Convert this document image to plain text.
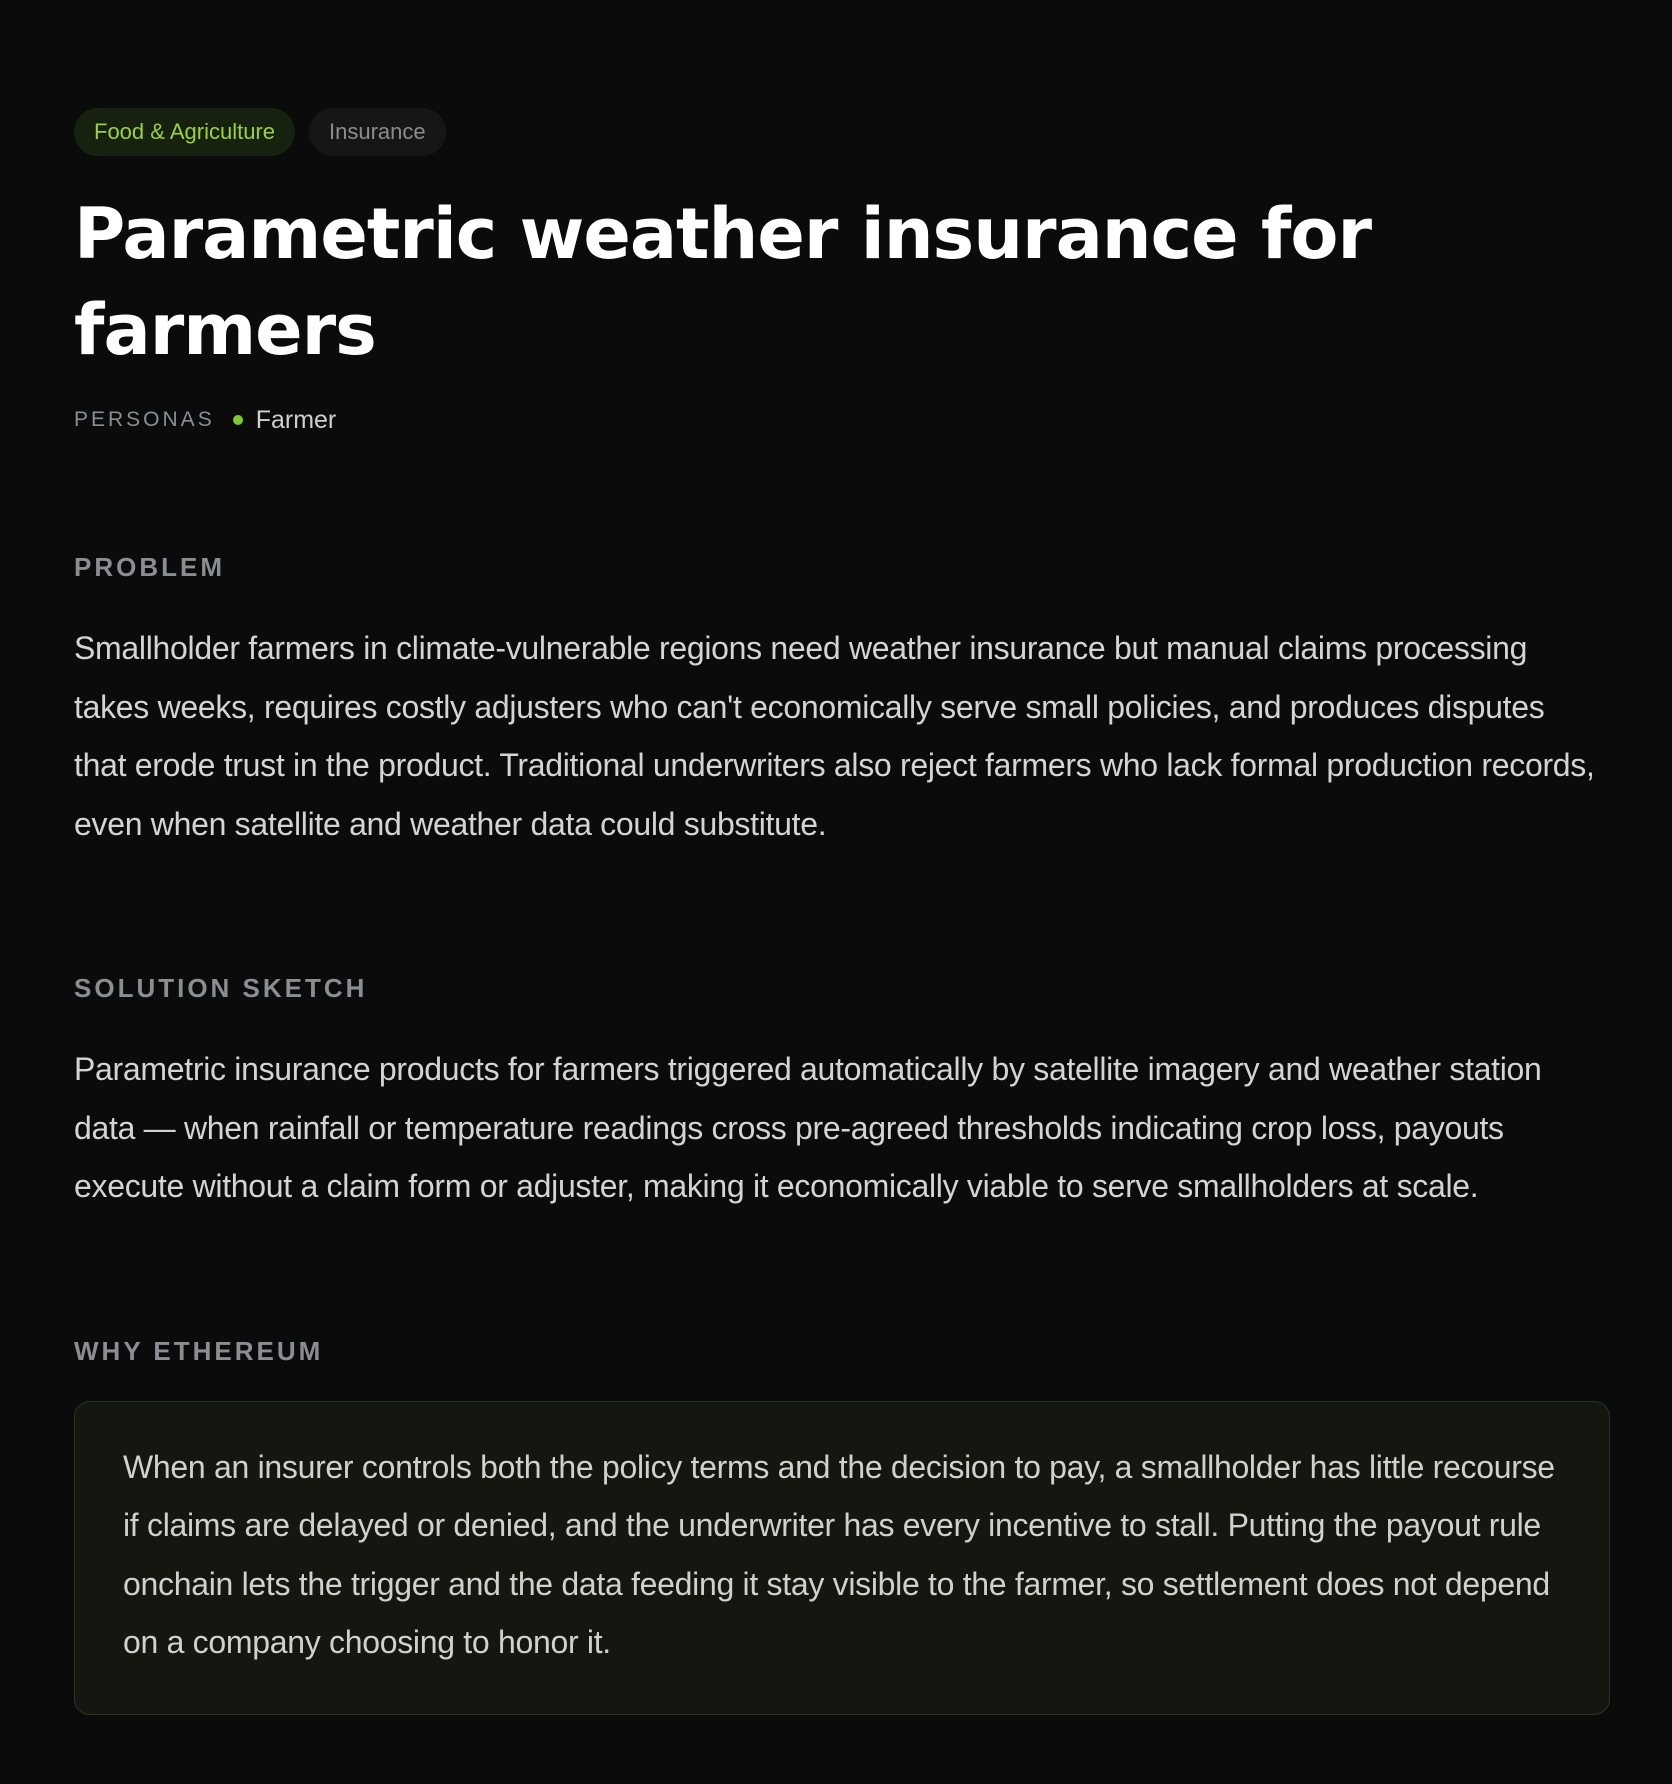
Food & Agriculture	Insurance
Parametric weather insurance for farmers
PERSONAS Farmer
PROBLEM

Smallholder farmers in climate-vulnerable regions need weather insurance but manual claims processing takes weeks, requires costly adjusters who can't economically serve small policies, and produces disputes that erode trust in the product. Traditional underwriters also reject farmers who lack formal production records, even when satellite and weather data could substitute.

SOLUTION SKETCH

Parametric insurance products for farmers triggered automatically by satellite imagery and weather station data — when rainfall or temperature readings cross pre-agreed thresholds indicating crop loss, payouts execute without a claim form or adjuster, making it economically viable to serve smallholders at scale.

WHY ETHEREUM

When an insurer controls both the policy terms and the decision to pay, a smallholder has little recourse if claims are delayed or denied, and the underwriter has every incentive to stall. Putting the payout rule onchain lets the trigger and the data feeding it stay visible to the farmer, so settlement does not depend on a company choosing to honor it.
